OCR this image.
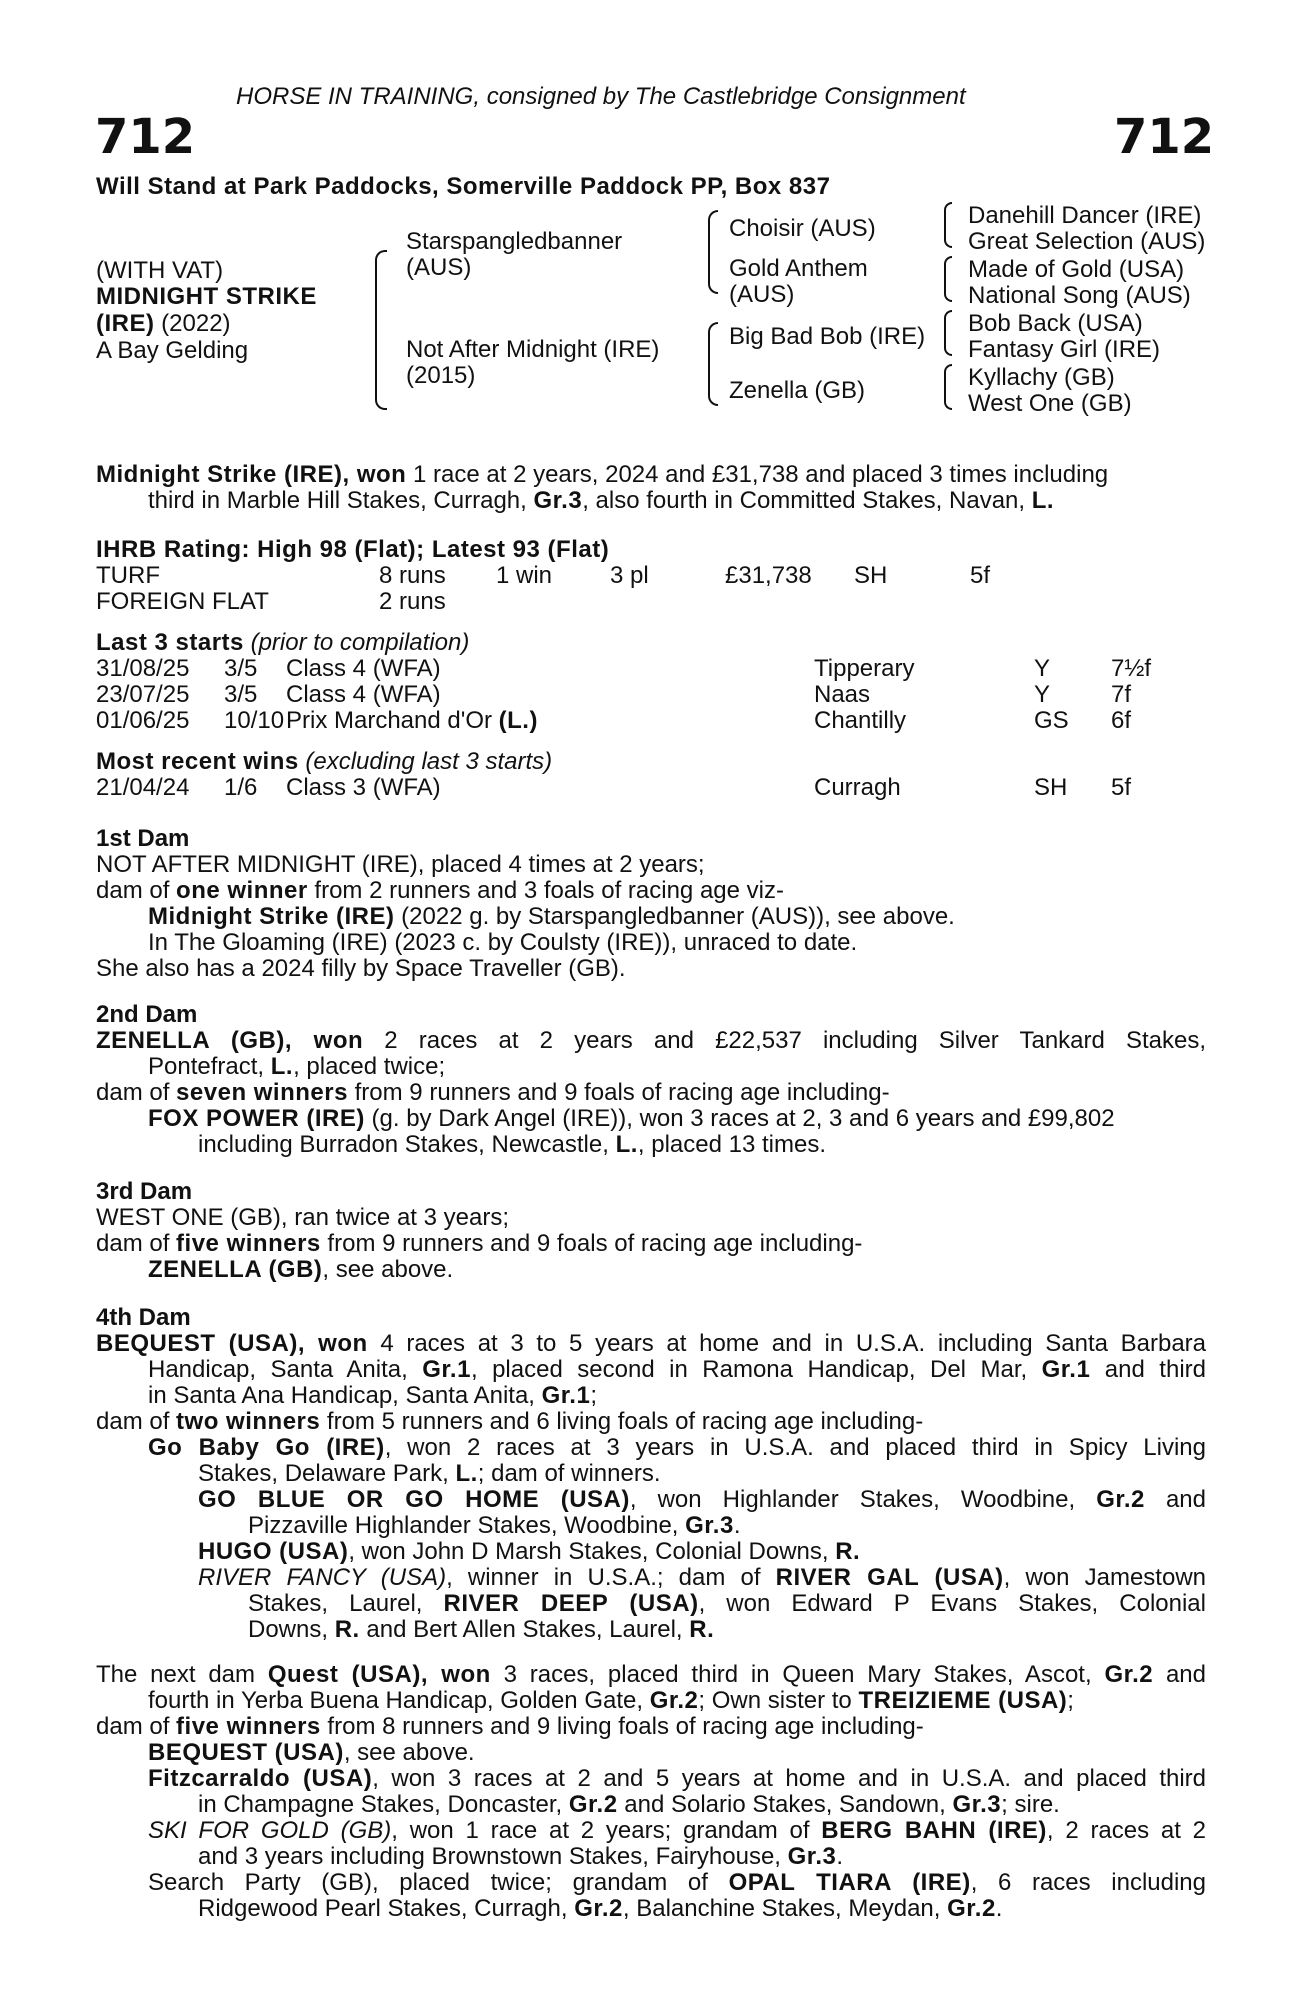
HORSE IN TRAINING, consigned by The Castlebridge Consignment
712	712
Will Stand at Park Paddocks, Somerville Paddock PP, Box 837
(WITH VAT)
MIDNIGHT STRIKE
(IRE) (2022)
A Bay Gelding
Starspangledbanner
(AUS)
Not After Midnight (IRE)
(2015)
Choisir (AUS)
Gold Anthem
(AUS)
Big Bad Bob (IRE)
Zenella (GB)
Danehill Dancer (IRE)
Great Selection (AUS)
Made of Gold (USA)
National Song (AUS)
Bob Back (USA)
Fantasy Girl (IRE)
Kyllachy (GB)
West One (GB)
Midnight Strike (IRE), won 1 race at 2 years, 2024 and £31,738 and placed 3 times including
third in Marble Hill Stakes, Curragh, Gr.3, also fourth in Committed Stakes, Navan, L.
IHRB Rating: High 98 (Flat); Latest 93 (Flat)
TURF	8 runs	1 win	3 pl	£31,738	SH	5f
FOREIGN FLAT	2 runs					
Last 3 starts (prior to compilation)
31/08/25	3/5	Class 4 (WFA)	Tipperary	Y	7½f
23/07/25	3/5	Class 4 (WFA)	Naas	Y	7f
01/06/25	10/10	Prix Marchand d'Or (L.)	Chantilly	GS	6f
Most recent wins (excluding last 3 starts)
21/04/24	1/6	Class 3 (WFA)	Curragh	SH	5f
1st Dam
NOT AFTER MIDNIGHT (IRE), placed 4 times at 2 years;
dam of one winner from 2 runners and 3 foals of racing age viz-
Midnight Strike (IRE) (2022 g. by Starspangledbanner (AUS)), see above.
In The Gloaming (IRE) (2023 c. by Coulsty (IRE)), unraced to date.
She also has a 2024 filly by Space Traveller (GB).
2nd Dam
ZENELLA (GB), won 2 races at 2 years and £22,537 including Silver Tankard Stakes,
Pontefract, L., placed twice;
dam of seven winners from 9 runners and 9 foals of racing age including-
FOX POWER (IRE) (g. by Dark Angel (IRE)), won 3 races at 2, 3 and 6 years and £99,802
including Burradon Stakes, Newcastle, L., placed 13 times.
3rd Dam
WEST ONE (GB), ran twice at 3 years;
dam of five winners from 9 runners and 9 foals of racing age including-
ZENELLA (GB), see above.
4th Dam
BEQUEST (USA), won 4 races at 3 to 5 years at home and in U.S.A. including Santa Barbara
Handicap, Santa Anita, Gr.1, placed second in Ramona Handicap, Del Mar, Gr.1 and third
in Santa Ana Handicap, Santa Anita, Gr.1;
dam of two winners from 5 runners and 6 living foals of racing age including-
Go Baby Go (IRE), won 2 races at 3 years in U.S.A. and placed third in Spicy Living
Stakes, Delaware Park, L.; dam of winners.
GO BLUE OR GO HOME (USA), won Highlander Stakes, Woodbine, Gr.2 and
Pizzaville Highlander Stakes, Woodbine, Gr.3.
HUGO (USA), won John D Marsh Stakes, Colonial Downs, R.
RIVER FANCY (USA), winner in U.S.A.; dam of RIVER GAL (USA), won Jamestown
Stakes, Laurel, RIVER DEEP (USA), won Edward P Evans Stakes, Colonial
Downs, R. and Bert Allen Stakes, Laurel, R.
The next dam Quest (USA), won 3 races, placed third in Queen Mary Stakes, Ascot, Gr.2 and
fourth in Yerba Buena Handicap, Golden Gate, Gr.2; Own sister to TREIZIEME (USA);
dam of five winners from 8 runners and 9 living foals of racing age including-
BEQUEST (USA), see above.
Fitzcarraldo (USA), won 3 races at 2 and 5 years at home and in U.S.A. and placed third
in Champagne Stakes, Doncaster, Gr.2 and Solario Stakes, Sandown, Gr.3; sire.
SKI FOR GOLD (GB), won 1 race at 2 years; grandam of BERG BAHN (IRE), 2 races at 2
and 3 years including Brownstown Stakes, Fairyhouse, Gr.3.
Search Party (GB), placed twice; grandam of OPAL TIARA (IRE), 6 races including
Ridgewood Pearl Stakes, Curragh, Gr.2, Balanchine Stakes, Meydan, Gr.2.
